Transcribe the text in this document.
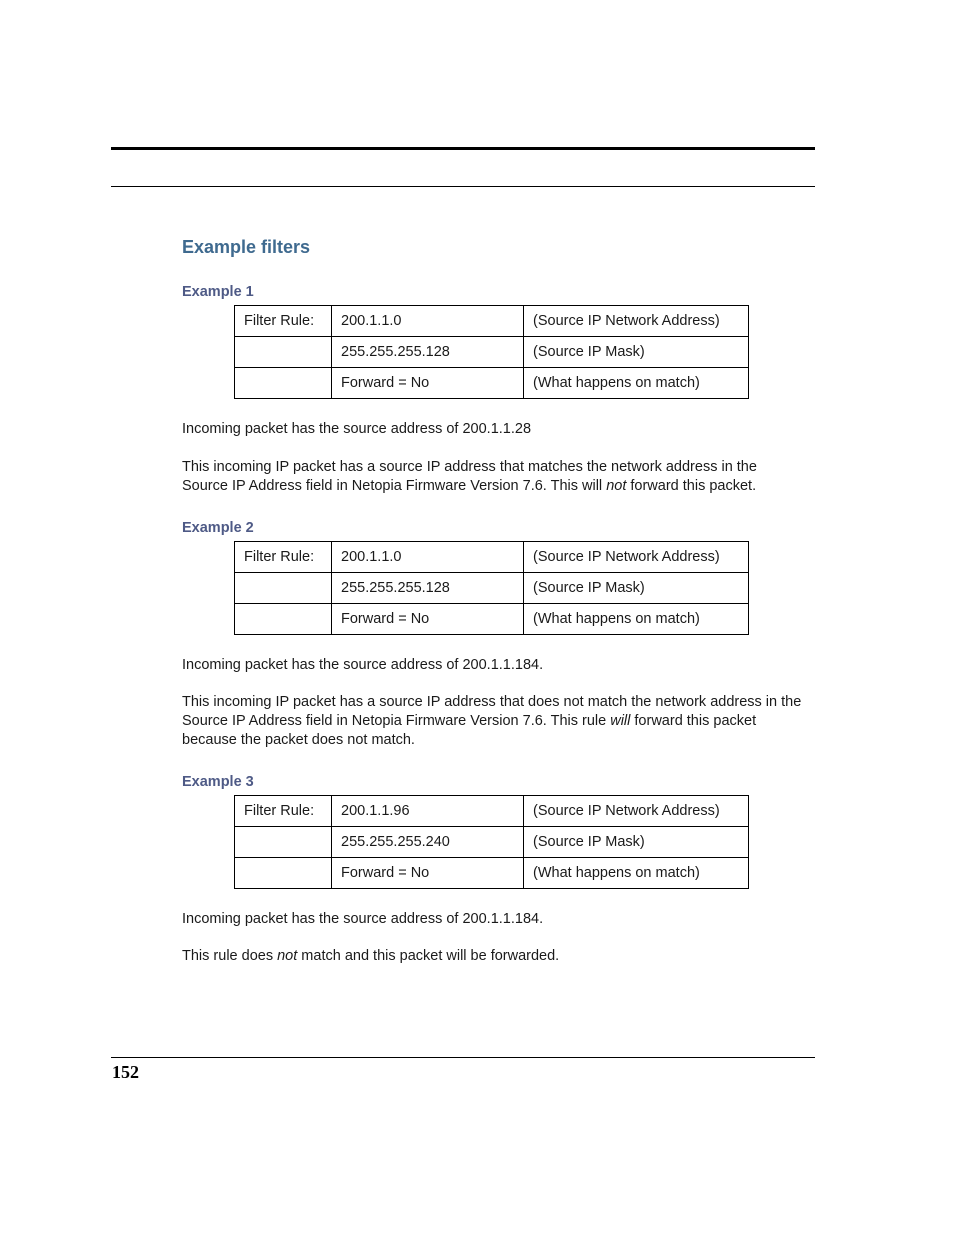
Example filters
Example 1
Filter Rule:	200.1.1.0	(Source IP Network Address)
	255.255.255.128	(Source IP Mask)
	Forward = No	(What happens on match)

Incoming packet has the source address of 200.1.1.28

This incoming IP packet has a source IP address that matches the network address in the Source IP Address field in Netopia Firmware Version 7.6. This will not forward this packet.

Example 2
Filter Rule:	200.1.1.0	(Source IP Network Address)
	255.255.255.128	(Source IP Mask)
	Forward = No	(What happens on match)

Incoming packet has the source address of 200.1.1.184.

This incoming IP packet has a source IP address that does not match the network address in the Source IP Address field in Netopia Firmware Version 7.6. This rule will forward this packet because the packet does not match.

Example 3
Filter Rule:	200.1.1.96	(Source IP Network Address)
	255.255.255.240	(Source IP Mask)
	Forward = No	(What happens on match)

Incoming packet has the source address of 200.1.1.184.

This rule does not match and this packet will be forwarded.

152
